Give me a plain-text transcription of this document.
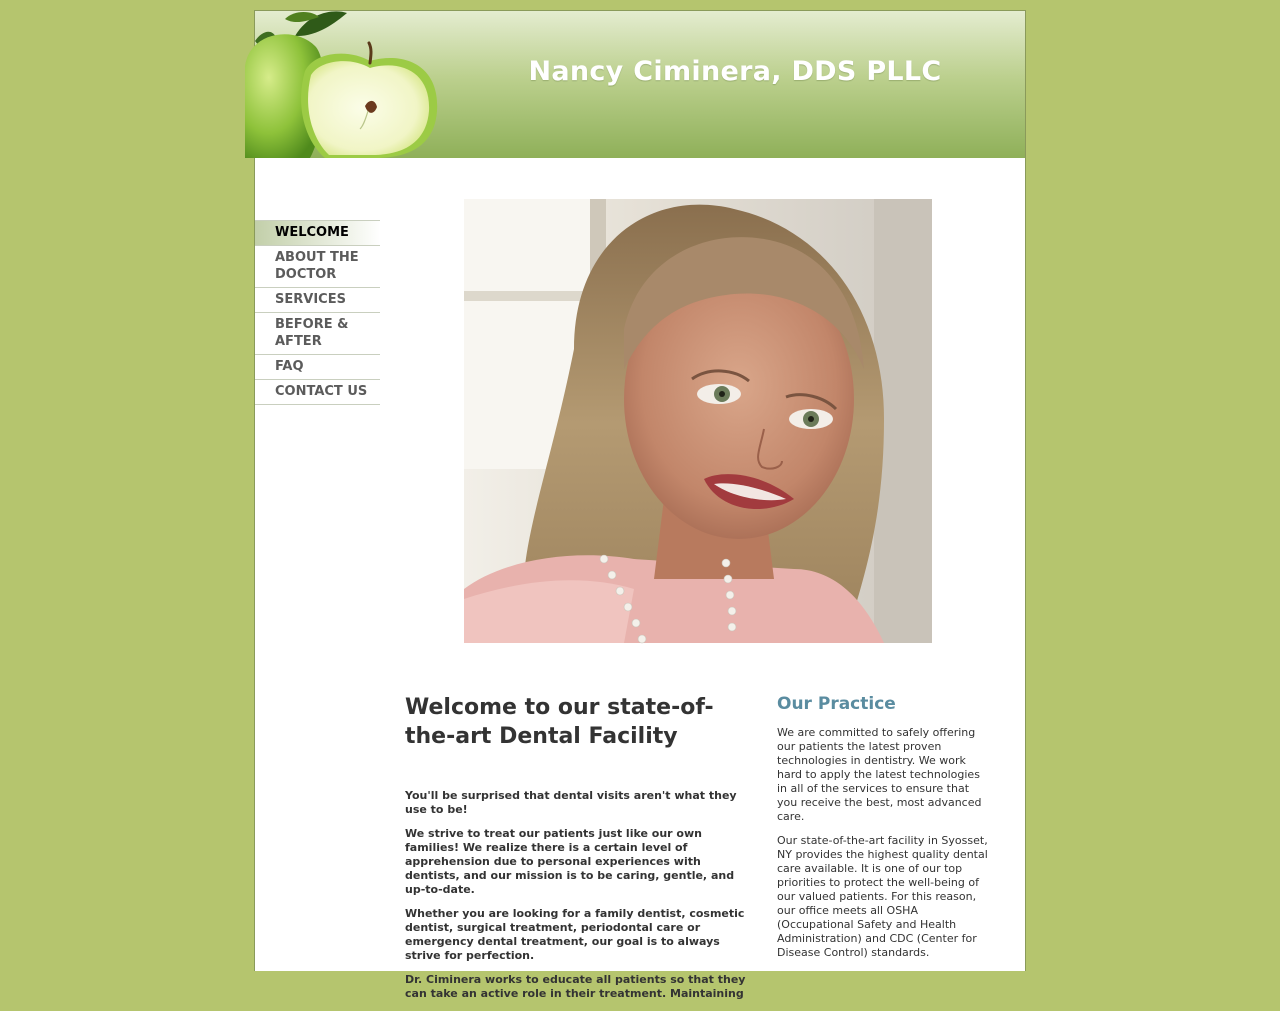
Nancy Ciminera, DDS PLLC
WELCOME
ABOUT THE DOCTOR
SERVICES
BEFORE & AFTER
FAQ
CONTACT US
Welcome to our state-of-the-art Dental Facility

You'll be surprised that dental visits aren't what they use to be!

We strive to treat our patients just like our own families! We realize there is a certain level of apprehension due to personal experiences with dentists, and our mission is to be caring, gentle, and up-to-date.

Whether you are looking for a family dentist, cosmetic dentist, surgical treatment, periodontal care or emergency dental treatment, our goal is to always strive for perfection.

Dr. Ciminera works to educate all patients so that they can take an active role in their treatment. Maintaining

Our Practice

We are committed to safely offering our patients the latest proven technologies in dentistry. We work hard to apply the latest technologies in all of the services to ensure that you receive the best, most advanced care.

Our state-of-the-art facility in Syosset, NY provides the highest quality dental care available. It is one of our top priorities to protect the well-being of our valued patients. For this reason, our office meets all OSHA (Occupational Safety and Health Administration) and CDC (Center for Disease Control) standards.
